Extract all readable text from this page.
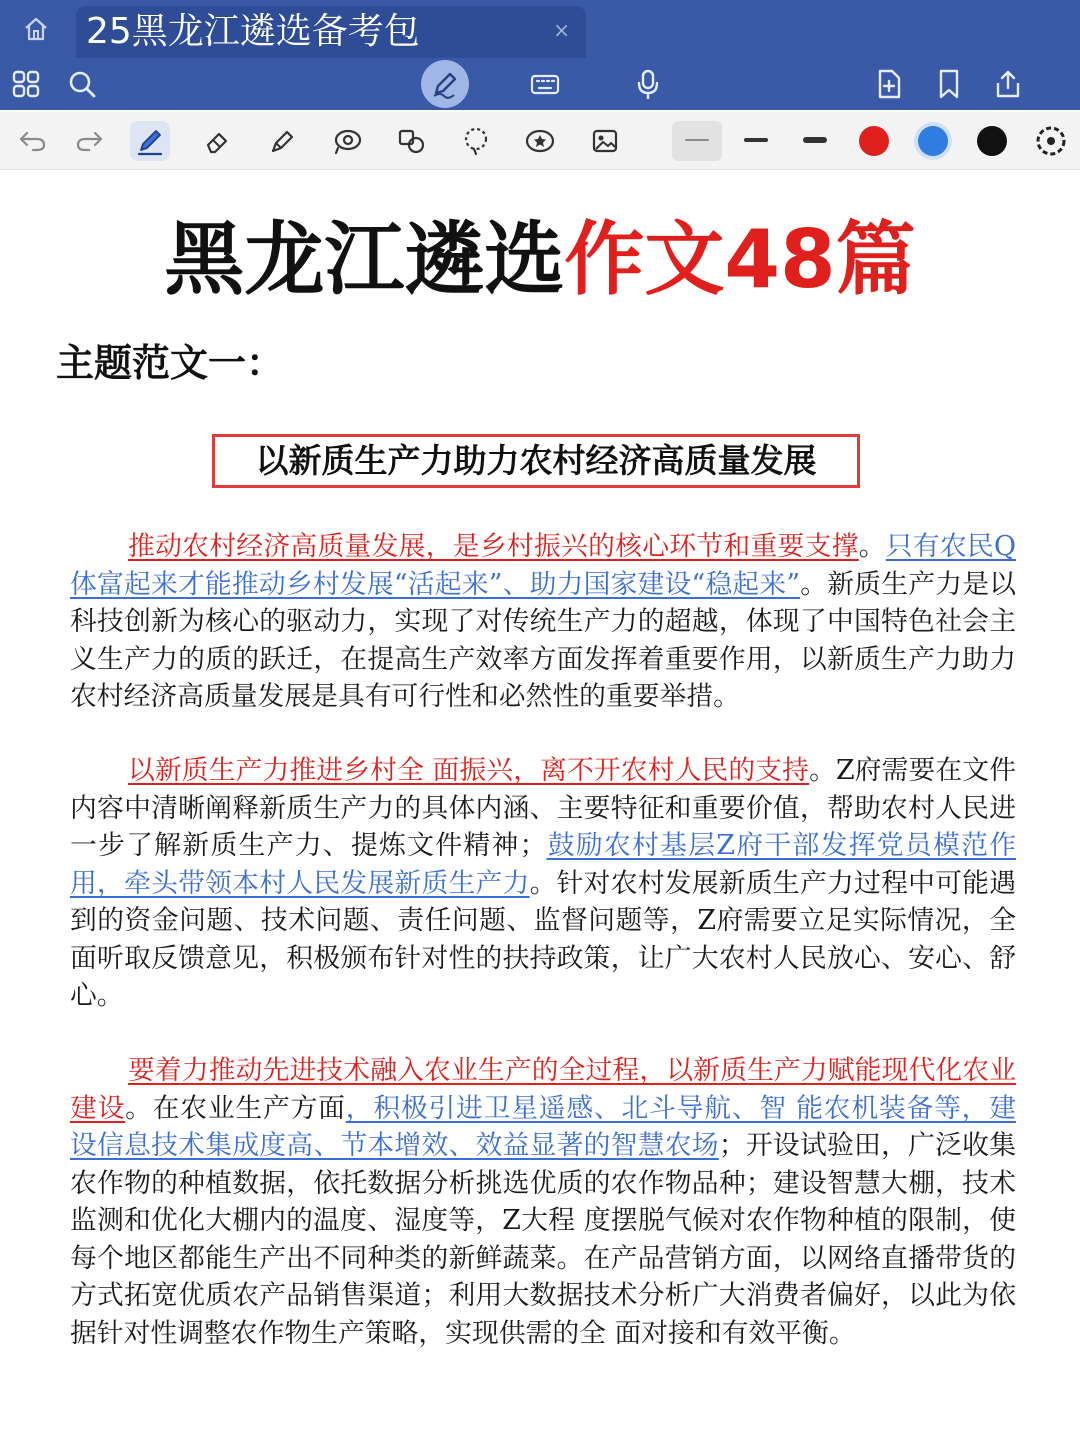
25黑龙江遴选备考包	×
黑龙江遴选作文48篇
主题范文一：
以新质生产力助力农村经济高质量发展

推动农村经济高质量发展，是乡村振兴的核心环节和重要支撑。只有农民Q体富起来才能推动乡村发展“活起来”、助力国家建设“稳起来”。新质生产力是以科技创新为核心的驱动力，实现了对传统生产力的超越，体现了中国特色社会主义生产力的质的跃迁，在提高生产效率方面发挥着重要作用，以新质生产力助力农村经济高质量发展是具有可行性和必然性的重要举措。

以新质生产力推进乡村全 面振兴，离不开农村人民的支持。Z府需要在文件内容中清晰阐释新质生产力的具体内涵、主要特征和重要价值，帮助农村人民进一步了解新质生产力、提炼文件精神；鼓励农村基层Z府干部发挥党员模范作用，牵头带领本村人民发展新质生产力。针对农村发展新质生产力过程中可能遇到的资金问题、技术问题、责任问题、监督问题等，Z府需要立足实际情况，全 面听取反馈意见，积极颁布针对性的扶持政策，让广大农村人民放心、安心、舒心。

要着力推动先进技术融入农业生产的全过程，以新质生产力赋能现代化农业建设。在农业生产方面，积极引进卫星遥感、北斗导航、智 能农机装备等，建设信息技术集成度高、节本增效、效益显著的智慧农场；开设试验田，广泛收集农作物的种植数据，依托数据分析挑选优质的农作物品种；建设智慧大棚，技术监测和优化大棚内的温度、湿度等，Z大程 度摆脱气候对农作物种植的限制，使每个地区都能生产出不同种类的新鲜蔬菜。在产品营销方面，以网络直播带货的方式拓宽优质农产品销售渠道；利用大数据技术分析广大消费者偏好，以此为依据针对性调整农作物生产策略，实现供需的全 面对接和有效平衡。
